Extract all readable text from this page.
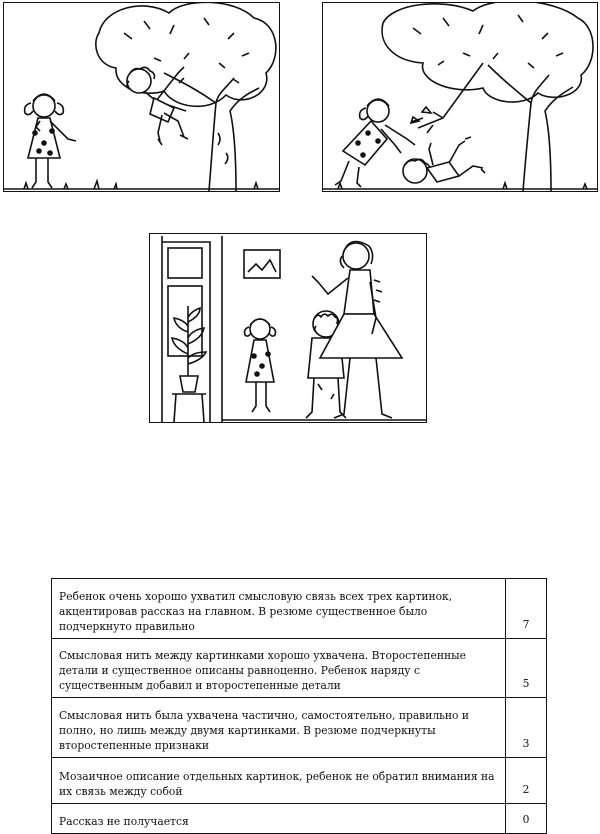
Ребенок очень хорошо ухватил смысловую связь всех трех картинок, акцентировав рассказ на главном. В резюме существенное было подчеркнуто правильно	7
Смысловая нить между картинками хорошо ухвачена. Второстепенные детали и существенное описаны равноценно. Ребенок наряду с существенным добавил и второстепенные детали	5
Смысловая нить была ухвачена частично, самостоятельно, правильно и полно, но лишь между двумя картинками. В резюме подчеркнуты второстепенные признаки	3
Мозаичное описание отдельных картинок, ребенок не обратил внимания на их связь между собой	2
Рассказ не получается	0
